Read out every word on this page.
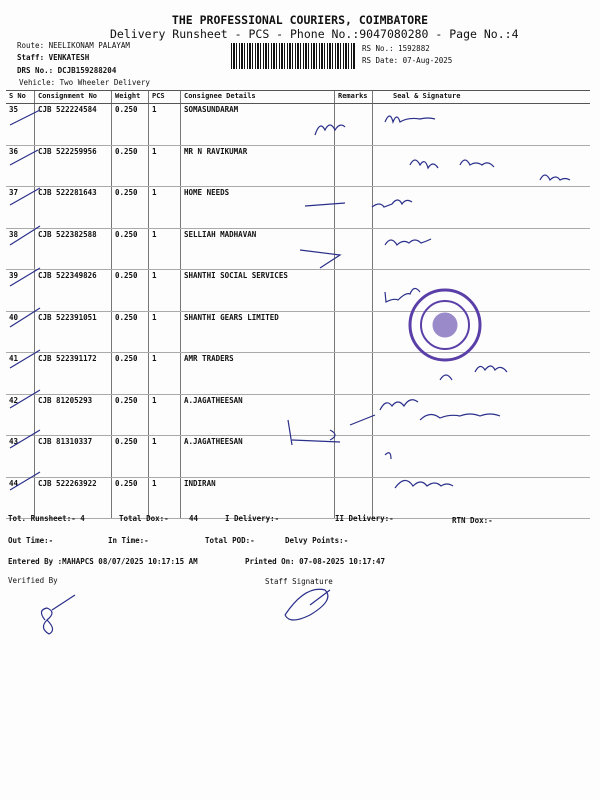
THE PROFESSIONAL COURIERS, COIMBATORE
Delivery Runsheet - PCS - Phone No.:9047080280 - Page No.:4
Route: NEELIKONAM PALAYAM
Staff: VENKATESH
DRS No.: DCJB159288204
Vehicle: Two Wheeler Delivery
RS No.: 1592882
RS Date: 07-Aug-2025
S No	Consignment No	Weight	PCS	Consignee Details	Remarks	Seal & Signature
35	CJB 522224584	0.250	1	SOMASUNDARAM		
36	CJB 522259956	0.250	1	MR N RAVIKUMAR		
37	CJB 522281643	0.250	1	HOME NEEDS		
38	CJB 522382588	0.250	1	SELLIAH MADHAVAN		
39	CJB 522349826	0.250	1	SHANTHI SOCIAL SERVICES		
40	CJB 522391051	0.250	1	SHANTHI GEARS LIMITED		
41	CJB 522391172	0.250	1	AMR TRADERS		
42	CJB 81205293	0.250	1	A.JAGATHEESAN		
43	CJB 81310337	0.250	1	A.JAGATHEESAN		
44	CJB 522263922	0.250	1	INDIRAN		
Tot. Runsheet:- 4	Total Dox:-	44	I Delivery:-	II Delivery:-	RTN Dox:-
Out Time:-	In Time:-	Total POD:-	Delvy Points:-
Entered By :MAHAPCS 08/07/2025 10:17:15 AM	Printed On: 07-08-2025 10:17:47
Verified By	Staff Signature
